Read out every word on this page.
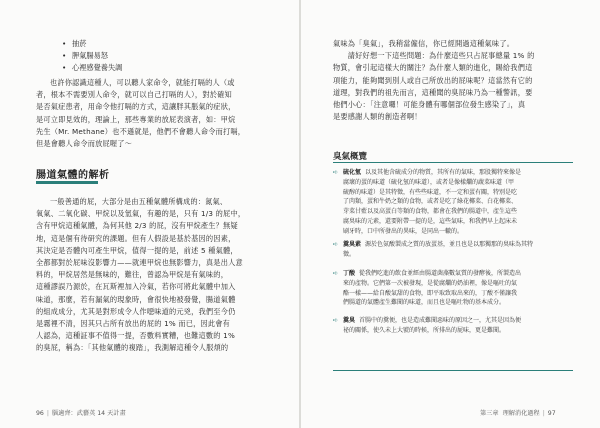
• 抽菸
• 胛氣腸易怒
• 心裡感覺養失調
也許你認識這種人，可以聽人家命令，就能打嗝的人（或
者，根本不需要別人命令，就可以自己打嗝的人），對於確知
是否氣症患者，用命令他打嗝的方式，這讓胖其脹氣的症狀，
是可立即見效的，理論上，那些專業的放屁表演者，如：甲烷
先生（Mr. Methane）也不遜就是，他們不會聽人命令而打嗝，
但是會聽人命令而放屁喔了～
腸道氣體的解析
一般善通的屁，大部分是由五種氣體所構成的：氮氣、
氧氣、二氧化碳、甲烷以及氫氣，有趣的是，只有 1/3 的屁中，
含有甲烷這種氣體，為何其他 2/3 的屁，沒有甲烷產生？無疑
地，這是個有待研究的課題。但有人假設是基於基因的因素，
其決定是否體內可產生甲烷，值得一提的是，前述 5 種氣體，
全都都對於屁味沒影響力——就連甲烷也無影響力，真是出人意
料的，甲烷居然是無味的，難往，曾認為甲烷是有氣味的，
這種謬誤乃源於，在瓦斯裡加入冷氣，若你可將此氣體中加入
味道，那麼，若有漏氣的現象時，會很快地被發覺，腸道氣體
的組成成分，尤其是對形成令人作噁味道的元兇，我們至今仍
是霧裡不清，因其只占所有放出的屁的 1% 而已，因此會有
人認為，這種証事不值得一提，否數料實糟，也難這數的 1%
的臭屁，稱為：「其他氣體的複踏」，我測解這種令人服煩的
96 | 腦適齊：武藝英 14 天計畫
氣味為「臭氣」，我稍當僱信，你已經開過這種氣味了。
　　請好好想一下這些問題：為什麼這些只占屁事總量 1% 的
物質，會引起這樣大的關注？為什麼人類的進化，賜給我們這
項能力，能夠聞到別人或自己所放出的屁味呢？這當然有它的
道理，對我們的祖先而言，這種聞的臭屁味乃為一種警訊，要
他們小心：「注意囉！可能身體有哪個部位發生感染了」，真
是要感謝人類的創造者啊！
臭氣概覽
➪ 硫化氫 以及其他含硫成分的物質，其所有的氣味，那股獨特來像是
腐壞的蛋的味道（硫化氫的味道），或者是像樣爛的蔬菜味道（甲
硫醇的味道）是其特徵，有些些味道，不一定和蛋有關，特別是吃
了肉類，蛋和牛奶之類的食物，或者是吃了綠花椰菜、白花椰菜、
芽菜甘藍以及高蛋白等類的食物，都會在我們的腸道中，產生這些
腐臭味的元素，還要附帶一提的是，這些氣味，和我們早上起床未
刷牙時，口中所發出的異味，是同出一轍的。
➪ 糞臭素 源於色氨酸製成之質的放蛋基，並且也是以那獨那的臭味為其特
徵。
➪ 丁酸 從我們吃進的飲食並經由腸道菌藻數氣質的發酵後，所製造出
來的產物。它們第一次被發現，是從腐爛的奶油裡，像是嘔吐的氣
酪一樣——給自酸氣甜的食物，即平取致取出來的，丁酸不僅讓我
們腸道的氣體產生難聞的味道，而且也是嘔吐物的基本成分。
➪ 糞臭 首腸中的糞便，也是造成難聞惡味的原因之一，尤其是因為便
祕的關係，使久未上大號的時候，所排出的屁味，更是難聞。
第三章 理解消化過程 | 97
